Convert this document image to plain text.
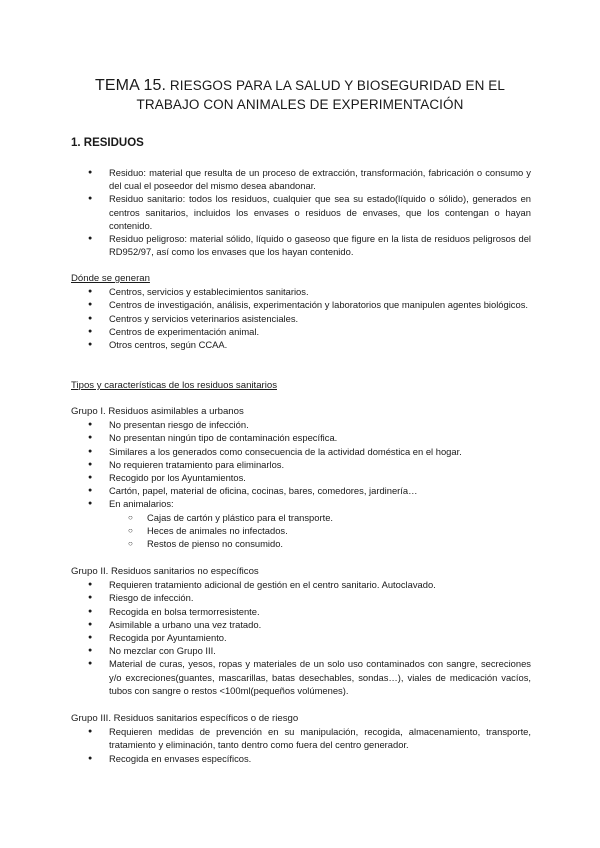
TEMA 15. RIESGOS PARA LA SALUD Y BIOSEGURIDAD EN EL
TRABAJO CON ANIMALES DE EXPERIMENTACIÓN
1. RESIDUOS
● Residuo: material que resulta de un proceso de extracción, transformación, fabricación o consumo y del cual el poseedor del mismo desea abandonar.
● Residuo sanitario: todos los residuos, cualquier que sea su estado(líquido o sólido), generados en centros sanitarios, incluidos los envases o residuos de envases, que los contengan o hayan contenido.
● Residuo peligroso: material sólido, líquido o gaseoso que figure en la lista de residuos peligrosos del RD952/97, así como los envases que los hayan contenido.
Dónde se generan
● Centros, servicios y establecimientos sanitarios.
● Centros de investigación, análisis, experimentación y laboratorios que manipulen agentes biológicos.
● Centros y servicios veterinarios asistenciales.
● Centros de experimentación animal.
● Otros centros, según CCAA.
Tipos y características de los residuos sanitarios
Grupo I. Residuos asimilables a urbanos
● No presentan riesgo de infección.
● No presentan ningún tipo de contaminación específica.
● Similares a los generados como consecuencia de la actividad doméstica en el hogar.
● No requieren tratamiento para eliminarlos.
● Recogido por los Ayuntamientos.
● Cartón, papel, material de oficina, cocinas, bares, comedores, jardinería…
● En animalarios:
○ Cajas de cartón y plástico para el transporte.
○ Heces de animales no infectados.
○ Restos de pienso no consumido.
Grupo II. Residuos sanitarios no específicos
● Requieren tratamiento adicional de gestión en el centro sanitario. Autoclavado.
● Riesgo de infección.
● Recogida en bolsa termorresistente.
● Asimilable a urbano una vez tratado.
● Recogida por Ayuntamiento.
● No mezclar con Grupo III.
● Material de curas, yesos, ropas y materiales de un solo uso contaminados con sangre, secreciones y/o excreciones(guantes, mascarillas, batas desechables, sondas…), viales de medicación vacíos, tubos con sangre o restos <100ml(pequeños volúmenes).
Grupo III. Residuos sanitarios específicos o de riesgo
● Requieren medidas de prevención en su manipulación, recogida, almacenamiento, transporte, tratamiento y eliminación, tanto dentro como fuera del centro generador.
● Recogida en envases específicos.
